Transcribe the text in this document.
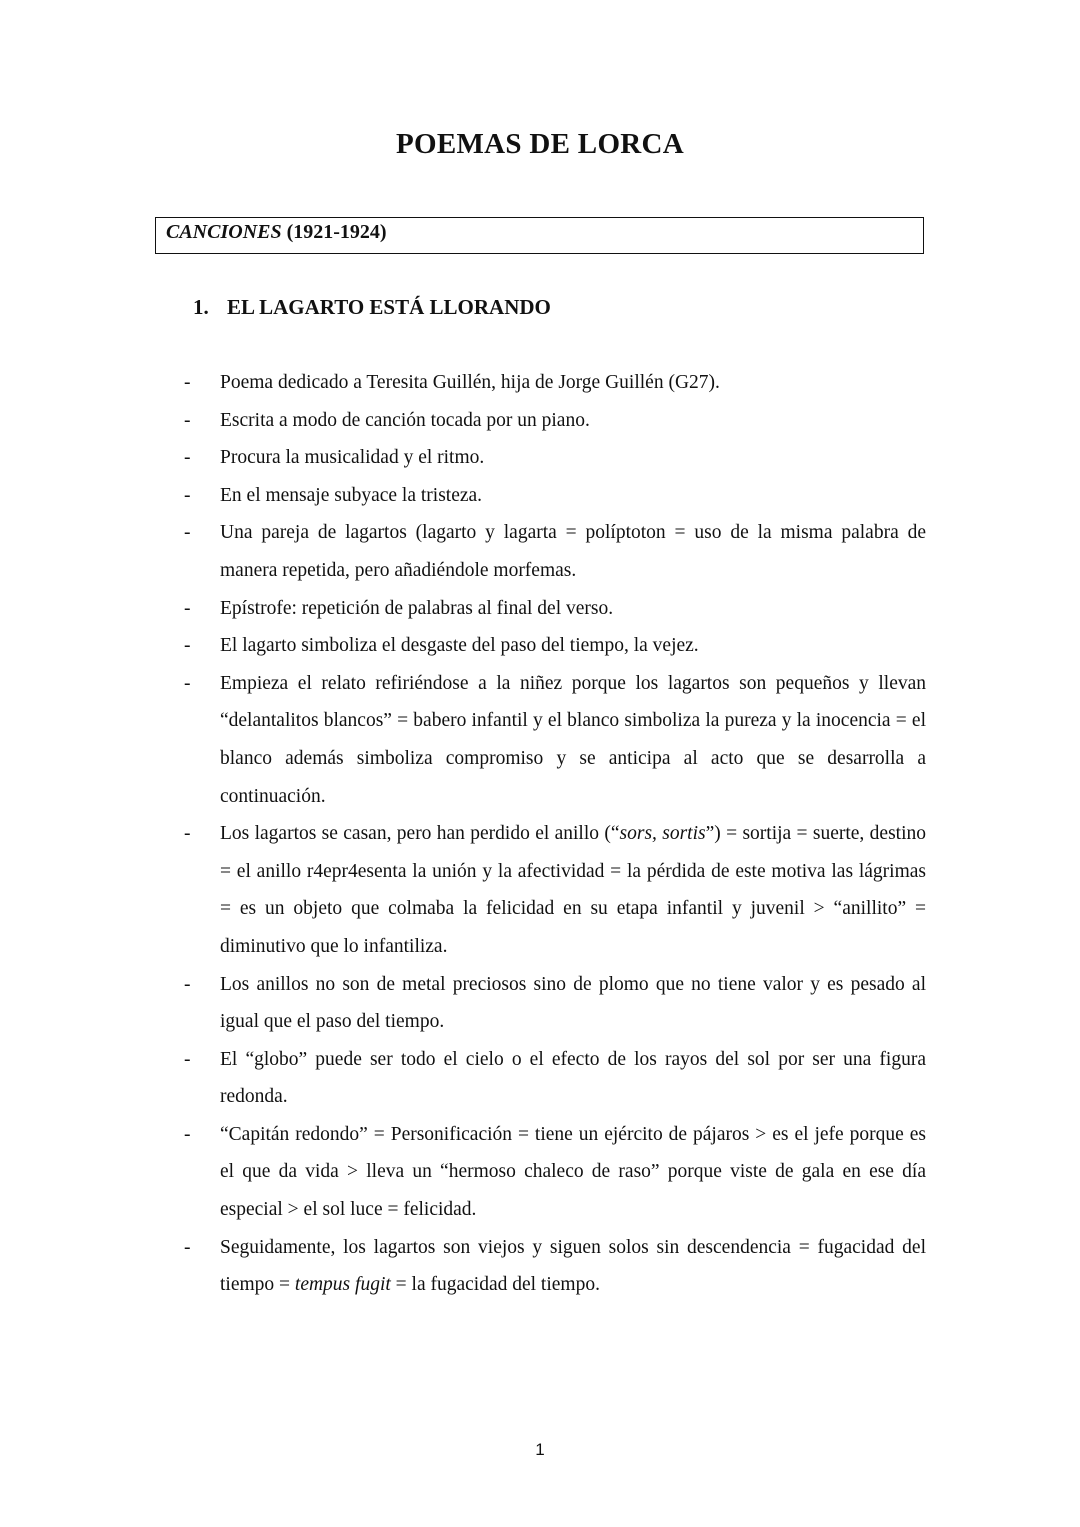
POEMAS DE LORCA
CANCIONES (1921-1924)
1. EL LAGARTO ESTÁ LLORANDO
- Poema dedicado a Teresita Guillén, hija de Jorge Guillén (G27).
- Escrita a modo de canción tocada por un piano.
- Procura la musicalidad y el ritmo.
- En el mensaje subyace la tristeza.
- Una pareja de lagartos (lagarto y lagarta = políptoton = uso de la misma palabra de manera repetida, pero añadiéndole morfemas.
- Epístrofe: repetición de palabras al final del verso.
- El lagarto simboliza el desgaste del paso del tiempo, la vejez.
- Empieza el relato refiriéndose a la niñez porque los lagartos son pequeños y llevan “delantalitos blancos” = babero infantil y el blanco simboliza la pureza y la inocencia = el blanco además simboliza compromiso y se anticipa al acto que se desarrolla a continuación.
- Los lagartos se casan, pero han perdido el anillo (“sors, sortis”) = sortija = suerte, destino = el anillo r4epr4esenta la unión y la afectividad = la pérdida de este motiva las lágrimas = es un objeto que colmaba la felicidad en su etapa infantil y juvenil > “anillito” = diminutivo que lo infantiliza.
- Los anillos no son de metal preciosos sino de plomo que no tiene valor y es pesado al igual que el paso del tiempo.
- El “globo” puede ser todo el cielo o el efecto de los rayos del sol por ser una figura redonda.
- “Capitán redondo” = Personificación = tiene un ejército de pájaros > es el jefe porque es el que da vida > lleva un “hermoso chaleco de raso” porque viste de gala en ese día especial > el sol luce = felicidad.
- Seguidamente, los lagartos son viejos y siguen solos sin descendencia = fugacidad del tiempo = tempus fugit = la fugacidad del tiempo.
1
